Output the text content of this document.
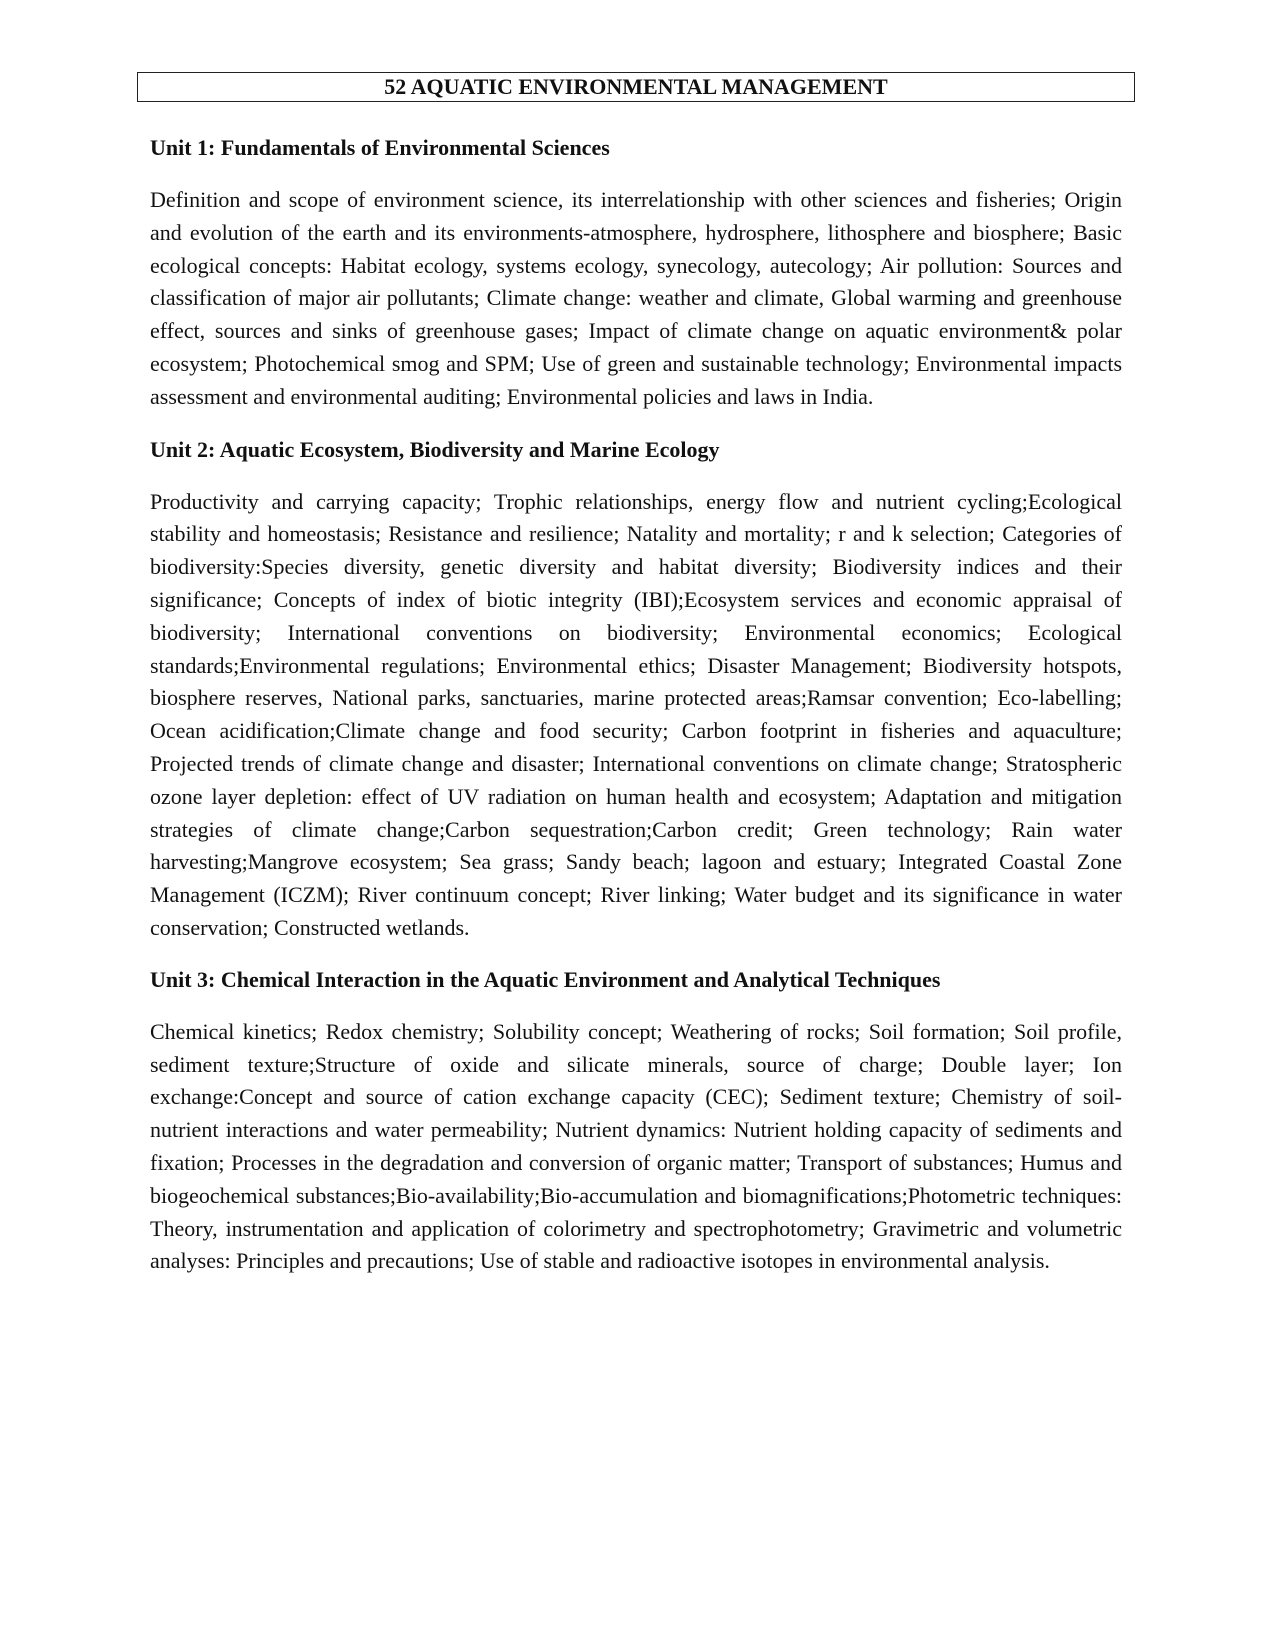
52 AQUATIC ENVIRONMENTAL MANAGEMENT
Unit 1: Fundamentals of Environmental Sciences

Definition and scope of environment science, its interrelationship with other sciences and fisheries; Origin and evolution of the earth and its environments-atmosphere, hydrosphere, lithosphere and biosphere; Basic ecological concepts: Habitat ecology, systems ecology, synecology, autecology; Air pollution: Sources and classification of major air pollutants; Climate change: weather and climate, Global warming and greenhouse effect, sources and sinks of greenhouse gases; Impact of climate change on aquatic environment& polar ecosystem; Photochemical smog and SPM; Use of green and sustainable technology; Environmental impacts assessment and environmental auditing; Environmental policies and laws in India.

Unit 2: Aquatic Ecosystem, Biodiversity and Marine Ecology

Productivity and carrying capacity; Trophic relationships, energy flow and nutrient cycling;Ecological stability and homeostasis; Resistance and resilience; Natality and mortality; r and k selection; Categories of biodiversity:Species diversity, genetic diversity and habitat diversity; Biodiversity indices and their significance; Concepts of index of biotic integrity (IBI);Ecosystem services and economic appraisal of biodiversity; International conventions on biodiversity; Environmental economics; Ecological standards;Environmental regulations; Environmental ethics; Disaster Management; Biodiversity hotspots, biosphere reserves, National parks, sanctuaries, marine protected areas;Ramsar convention; Eco-labelling; Ocean acidification;Climate change and food security; Carbon footprint in fisheries and aquaculture; Projected trends of climate change and disaster; International conventions on climate change; Stratospheric ozone layer depletion: effect of UV radiation on human health and ecosystem; Adaptation and mitigation strategies of climate change;Carbon sequestration;Carbon credit; Green technology; Rain water harvesting;Mangrove ecosystem; Sea grass; Sandy beach; lagoon and estuary; Integrated Coastal Zone Management (ICZM); River continuum concept; River linking; Water budget and its significance in water conservation; Constructed wetlands.

Unit 3: Chemical Interaction in the Aquatic Environment and Analytical Techniques

Chemical kinetics; Redox chemistry; Solubility concept; Weathering of rocks; Soil formation; Soil profile, sediment texture;Structure of oxide and silicate minerals, source of charge; Double layer; Ion exchange:Concept and source of cation exchange capacity (CEC); Sediment texture; Chemistry of soil- nutrient interactions and water permeability; Nutrient dynamics: Nutrient holding capacity of sediments and fixation; Processes in the degradation and conversion of organic matter; Transport of substances; Humus and biogeochemical substances;Bio-availability;Bio-accumulation and biomagnifications;Photometric techniques: Theory, instrumentation and application of colorimetry and spectrophotometry; Gravimetric and volumetric analyses: Principles and precautions; Use of stable and radioactive isotopes in environmental analysis.
